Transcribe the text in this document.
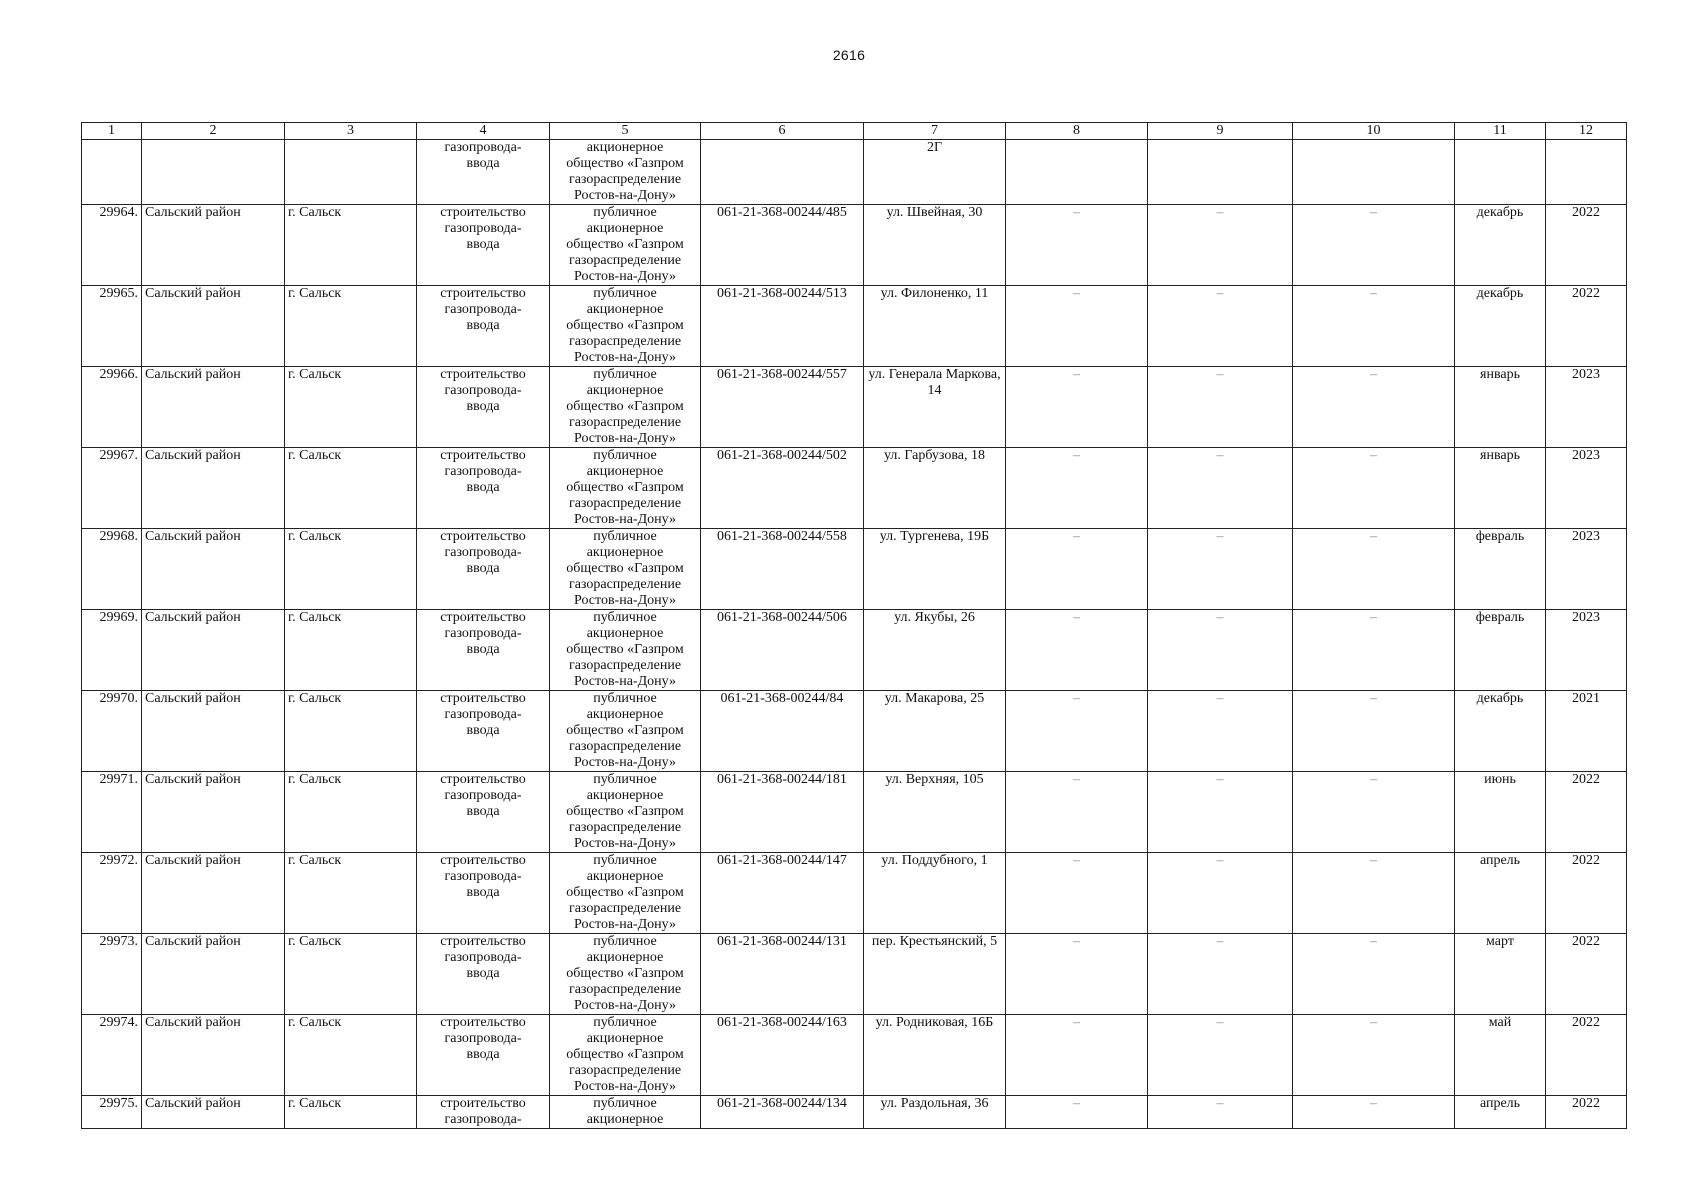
2616
1	2	3	4	5	6	7	8	9	10	11	12
			газопровода-
ввода	акционерное
общество «Газпром
газораспределение
Ростов-на-Дону»		2Г					
29964.	Сальский район	г. Сальск	строительство
газопровода-
ввода	публичное
акционерное
общество «Газпром
газораспределение
Ростов-на-Дону»	061-21-368-00244/485	ул. Швейная, 30	–	–	–	декабрь	2022
29965.	Сальский район	г. Сальск	строительство
газопровода-
ввода	публичное
акционерное
общество «Газпром
газораспределение
Ростов-на-Дону»	061-21-368-00244/513	ул. Филоненко, 11	–	–	–	декабрь	2022
29966.	Сальский район	г. Сальск	строительство
газопровода-
ввода	публичное
акционерное
общество «Газпром
газораспределение
Ростов-на-Дону»	061-21-368-00244/557	ул. Генерала Маркова,
14	–	–	–	январь	2023
29967.	Сальский район	г. Сальск	строительство
газопровода-
ввода	публичное
акционерное
общество «Газпром
газораспределение
Ростов-на-Дону»	061-21-368-00244/502	ул. Гарбузова, 18	–	–	–	январь	2023
29968.	Сальский район	г. Сальск	строительство
газопровода-
ввода	публичное
акционерное
общество «Газпром
газораспределение
Ростов-на-Дону»	061-21-368-00244/558	ул. Тургенева, 19Б	–	–	–	февраль	2023
29969.	Сальский район	г. Сальск	строительство
газопровода-
ввода	публичное
акционерное
общество «Газпром
газораспределение
Ростов-на-Дону»	061-21-368-00244/506	ул. Якубы, 26	–	–	–	февраль	2023
29970.	Сальский район	г. Сальск	строительство
газопровода-
ввода	публичное
акционерное
общество «Газпром
газораспределение
Ростов-на-Дону»	061-21-368-00244/84	ул. Макарова, 25	–	–	–	декабрь	2021
29971.	Сальский район	г. Сальск	строительство
газопровода-
ввода	публичное
акционерное
общество «Газпром
газораспределение
Ростов-на-Дону»	061-21-368-00244/181	ул. Верхняя, 105	–	–	–	июнь	2022
29972.	Сальский район	г. Сальск	строительство
газопровода-
ввода	публичное
акционерное
общество «Газпром
газораспределение
Ростов-на-Дону»	061-21-368-00244/147	ул. Поддубного, 1	–	–	–	апрель	2022
29973.	Сальский район	г. Сальск	строительство
газопровода-
ввода	публичное
акционерное
общество «Газпром
газораспределение
Ростов-на-Дону»	061-21-368-00244/131	пер. Крестьянский, 5	–	–	–	март	2022
29974.	Сальский район	г. Сальск	строительство
газопровода-
ввода	публичное
акционерное
общество «Газпром
газораспределение
Ростов-на-Дону»	061-21-368-00244/163	ул. Родниковая, 16Б	–	–	–	май	2022
29975.	Сальский район	г. Сальск	строительство
газопровода-	публичное
акционерное	061-21-368-00244/134	ул. Раздольная, 36	–	–	–	апрель	2022
